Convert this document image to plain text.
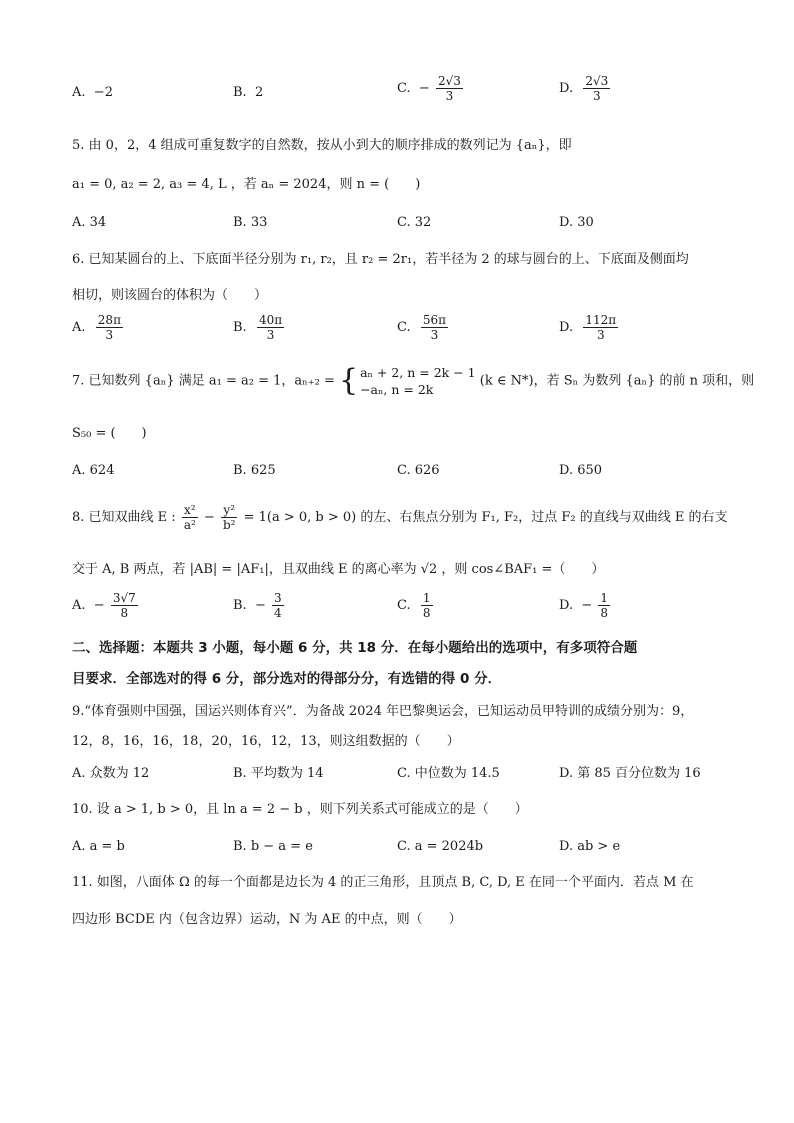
A. −2	B. 2	C. − $\frac{2√3}{3}$	D. $\frac{2√3}{3}$
5. 由 0，2，4 组成可重复数字的自然数，按从小到大的顺序排成的数列记为 {aₙ}，即
a₁ = 0, a₂ = 2, a₃ = 4, L ，若 aₙ = 2024，则 n = (　　)
A. 34	B. 33	C. 32	D. 30
6. 已知某圆台的上、下底面半径分别为 r₁, r₂，且 r₂ = 2r₁，若半径为 2 的球与圆台的上、下底面及侧面均
相切，则该圆台的体积为（　　）
A. $\frac{28\pi}{3}$	B. $\frac{40\pi}{3}$	C. $\frac{56\pi}{3}$	D. $\frac{112\pi}{3}$
7. 已知数列 {aₙ} 满足 a₁ = a₂ = 1，aₙ₊₂ = { aₙ + 2, n = 2k − 1
−aₙ, n = 2k
(k ∈ N*)，若 Sₙ 为数列 {aₙ} 的前 n 项和，则
S₅₀ = (　　)
A. 624	B. 625	C. 626	D. 650
8. 已知双曲线 E : $\frac{\text{x²}}{\text{a²}} - \frac{\text{y²}}{\text{b²}} = 1(a > 0$, b > 0) 的左、右焦点分别为 F₁, F₂，过点 F₂ 的直线与双曲线 E 的右支
交于 A, B 两点，若 |AB| = |AF₁|，且双曲线 E 的离心率为 √2 ，则 cos∠BAF₁ =（　　）
A. − $\frac{3√7}{8}$	B. − $\frac{3}{4}$	C. $\frac{1}{8}$	D. − $\frac{1}{8}$
二、选择题：本题共 3 小题，每小题 6 分，共 18 分．在每小题给出的选项中，有多项符合题
目要求．全部选对的得 6 分，部分选对的得部分分，有选错的得 0 分．
9.“体育强则中国强，国运兴则体育兴”．为备战 2024 年巴黎奥运会，已知运动员甲特训的成绩分别为：9，
12，8，16，16，18，20，16，12，13，则这组数据的（　　）
A. 众数为 12	B. 平均数为 14	C. 中位数为 14.5	D. 第 85 百分位数为 16
10. 设 a > 1, b > 0，且 ln a = 2 − b ，则下列关系式可能成立的是（　　）
A. a = b	B. b − a = e	C. a = 2024b	D. ab > e
11. 如图，八面体 Ω 的每一个面都是边长为 4 的正三角形，且顶点 B, C, D, E 在同一个平面内．若点 M 在
四边形 BCDE 内（包含边界）运动，N 为 AE 的中点，则（　　）
